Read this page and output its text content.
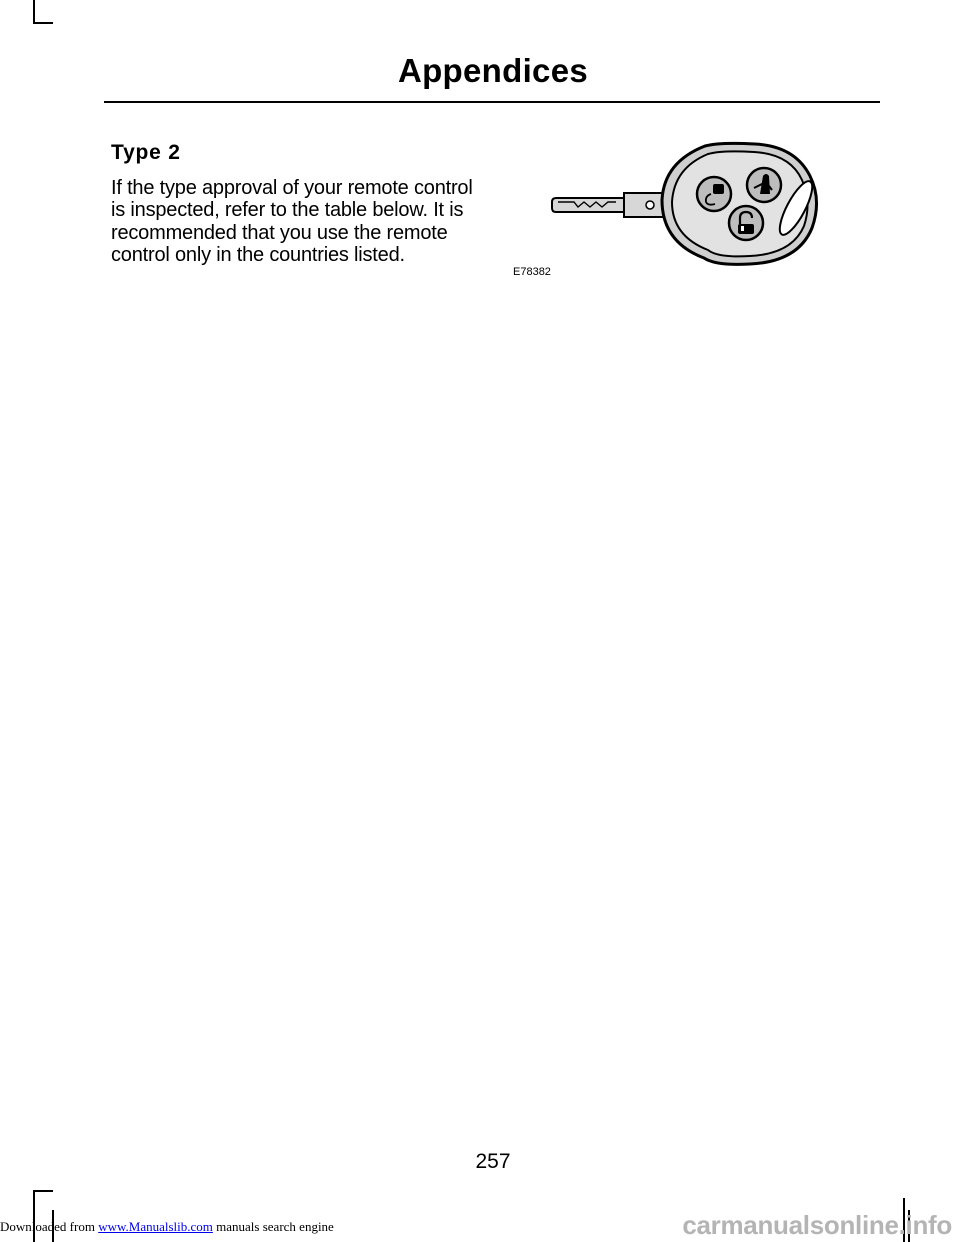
Appendices
Type 2
If the type approval of your remote control is inspected, refer to the table below. It is recommended that you use the remote control only in the countries listed.
E78382
257
Downloaded from www.Manualslib.com manuals search engine	carmanualsonline.info
